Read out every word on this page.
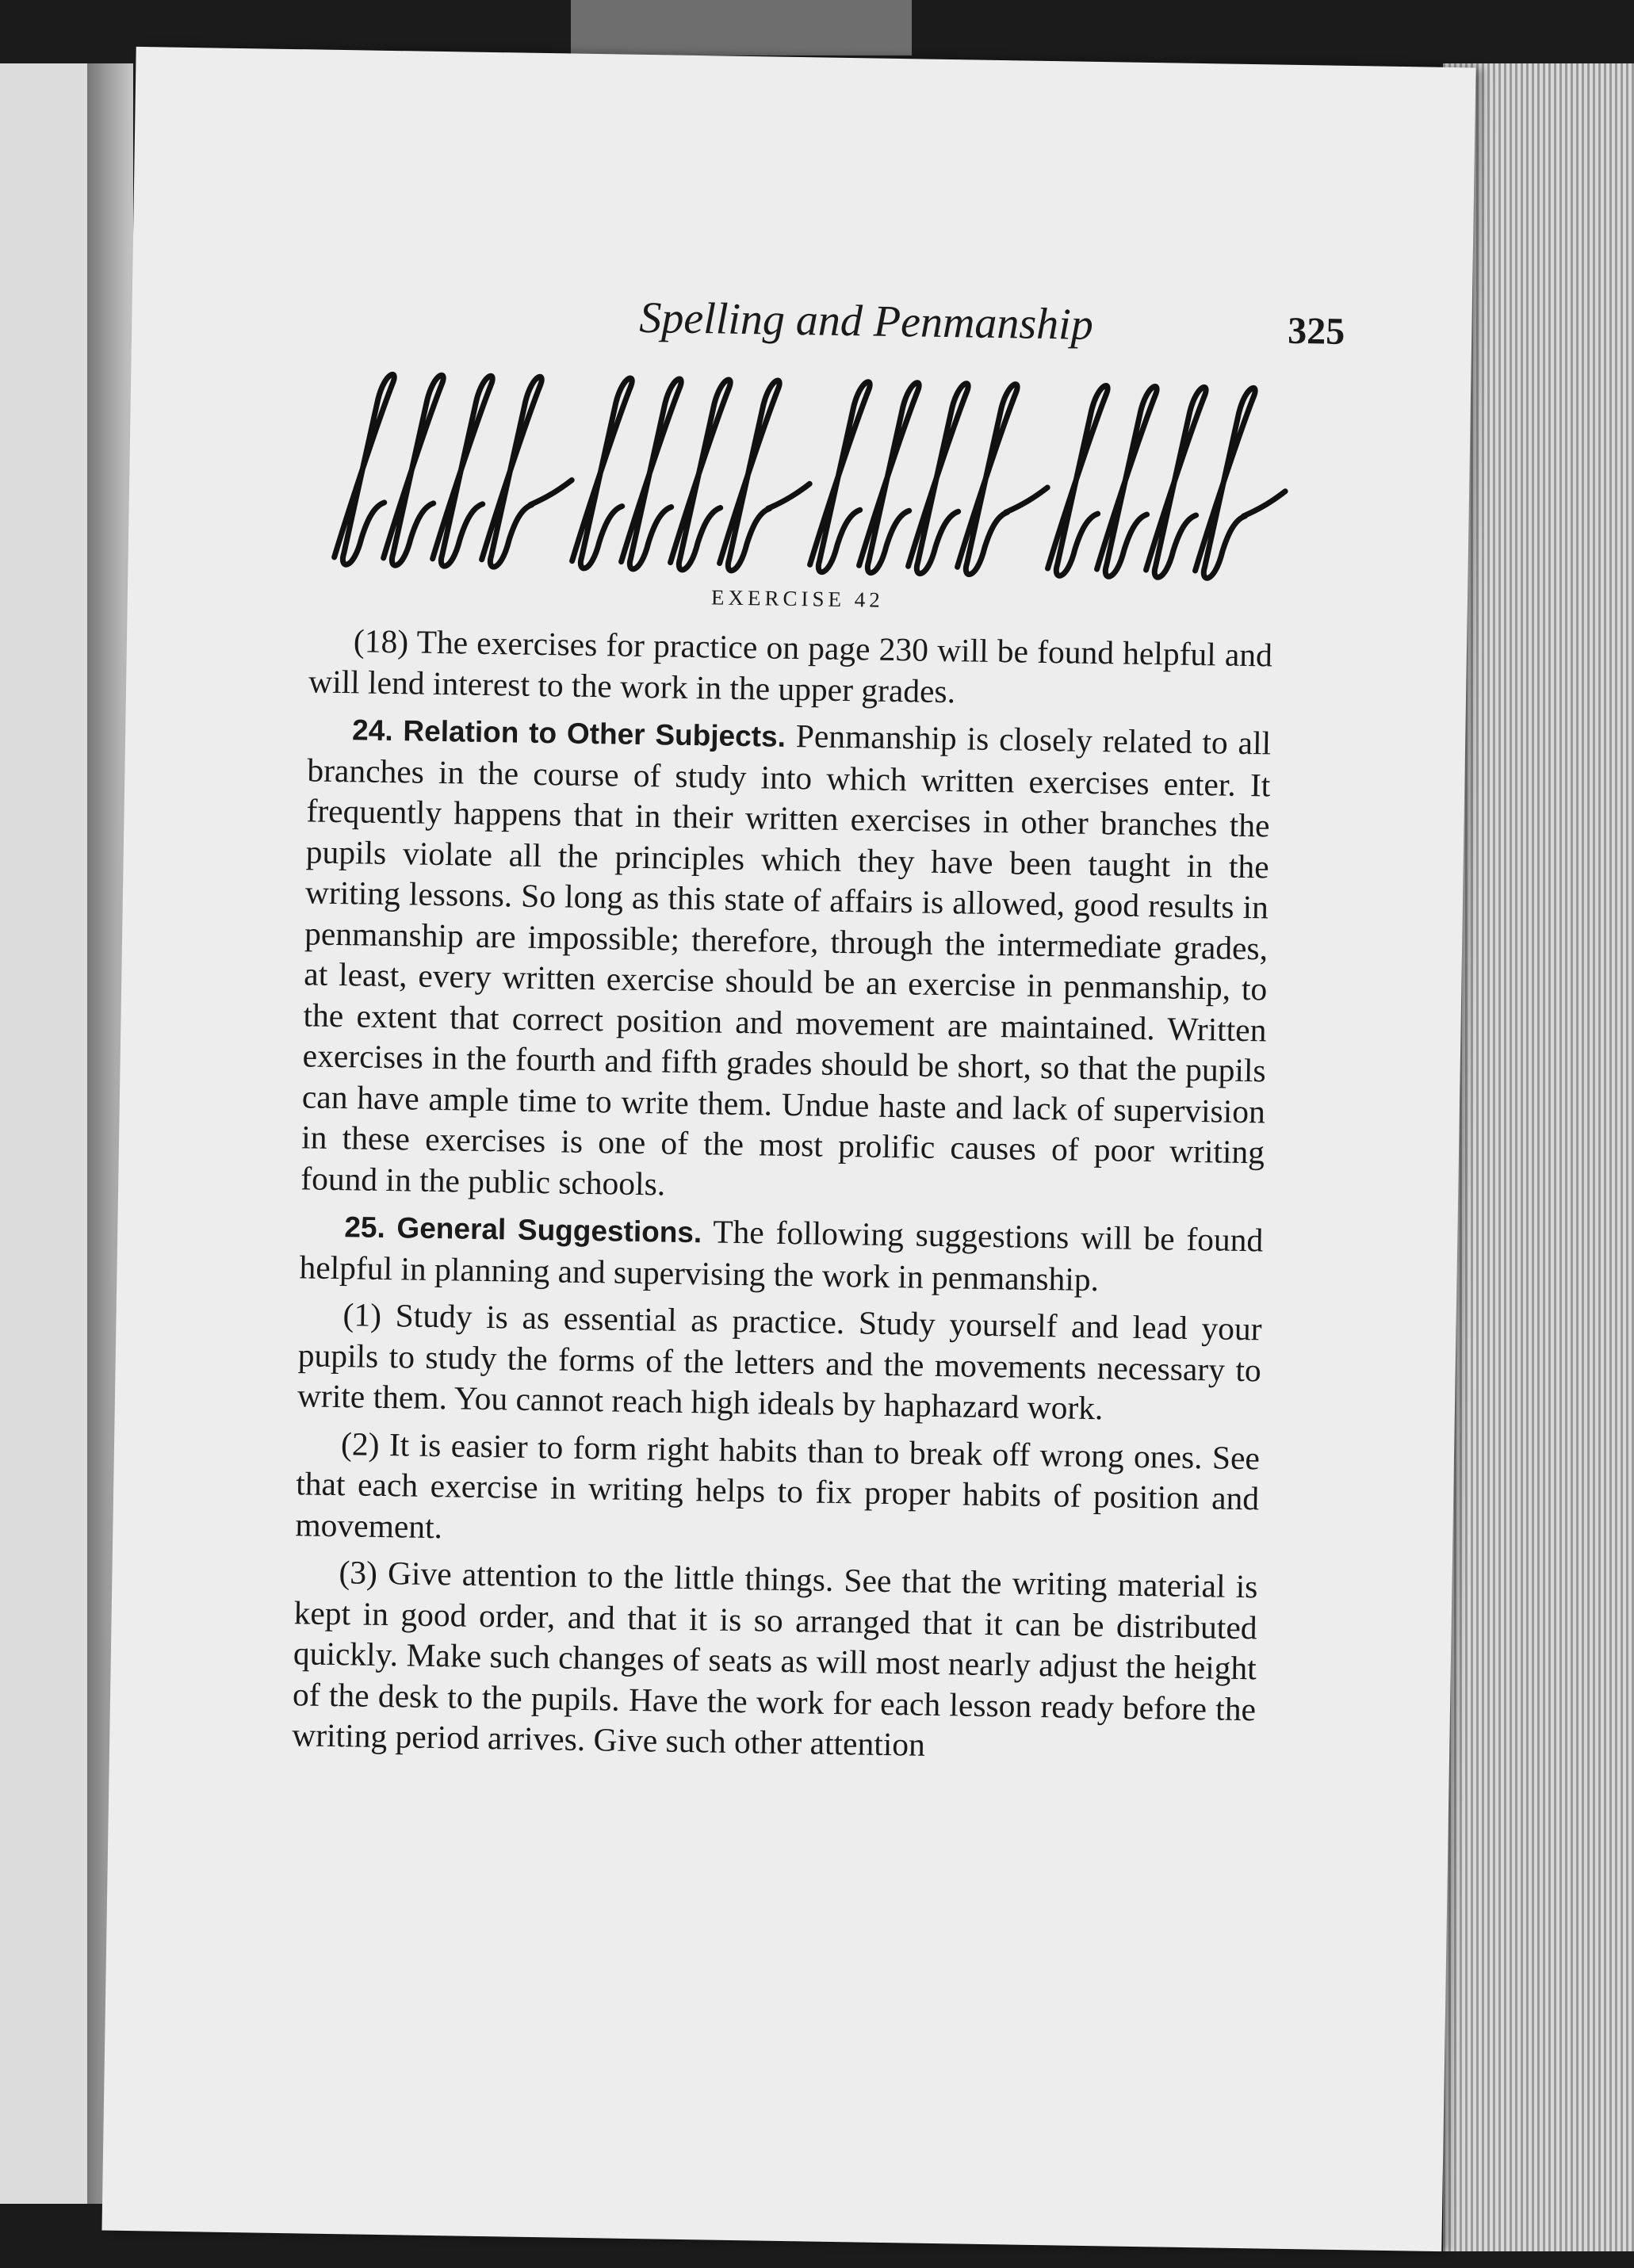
Spelling and Penmanship	325
EXERCISE 42

(18) The exercises for practice on page 230 will be found helpful and will lend interest to the work in the upper grades.

24. Relation to Other Subjects. Penmanship is closely related to all branches in the course of study into which written exercises enter. It frequently happens that in their written exercises in other branches the pupils violate all the principles which they have been taught in the writing lessons. So long as this state of affairs is allowed, good results in penmanship are impossible; therefore, through the intermediate grades, at least, every written exercise should be an exercise in penmanship, to the extent that correct position and movement are maintained. Written exercises in the fourth and fifth grades should be short, so that the pupils can have ample time to write them. Undue haste and lack of supervision in these exercises is one of the most prolific causes of poor writing found in the public schools.

25. General Suggestions. The following suggestions will be found helpful in planning and supervising the work in penmanship.

(1) Study is as essential as practice. Study yourself and lead your pupils to study the forms of the letters and the movements necessary to write them. You cannot reach high ideals by haphazard work.

(2) It is easier to form right habits than to break off wrong ones. See that each exercise in writing helps to fix proper habits of position and movement.

(3) Give attention to the little things. See that the writing material is kept in good order, and that it is so arranged that it can be distributed quickly. Make such changes of seats as will most nearly adjust the height of the desk to the pupils. Have the work for each lesson ready before the writing period arrives. Give such other attention
